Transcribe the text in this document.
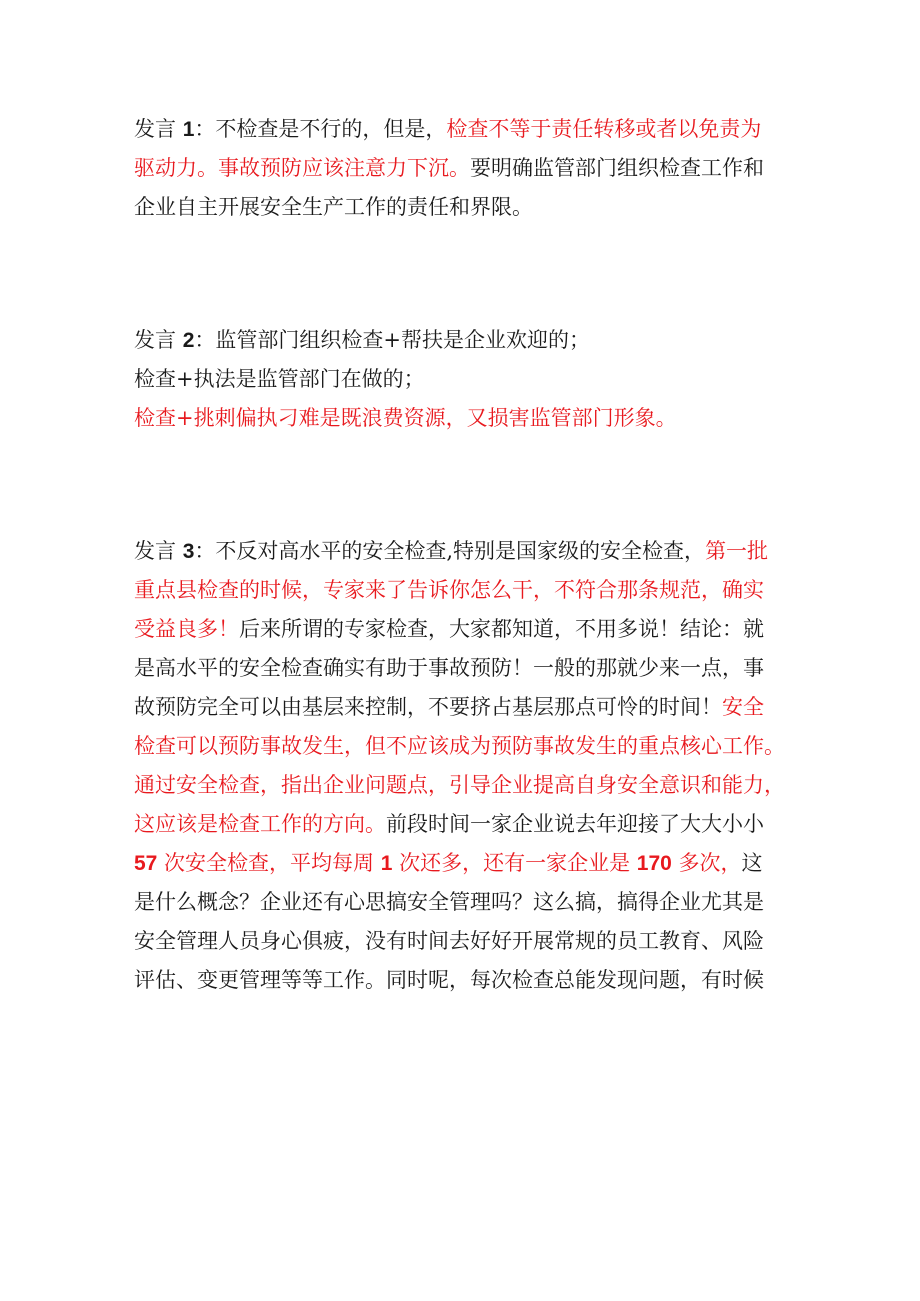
发言 1：不检查是不行的，但是，检查不等于责任转移或者以免责为
驱动力。事故预防应该注意力下沉。要明确监管部门组织检查工作和
企业自主开展安全生产工作的责任和界限。
发言 2：监管部门组织检查+帮扶是企业欢迎的；
检查+执法是监管部门在做的；
检查+挑刺偏执刁难是既浪费资源，又损害监管部门形象。
发言 3：不反对高水平的安全检查,特别是国家级的安全检查，第一批
重点县检查的时候，专家来了告诉你怎么干，不符合那条规范，确实
受益良多！后来所谓的专家检查，大家都知道，不用多说！结论：就
是高水平的安全检查确实有助于事故预防！一般的那就少来一点，事
故预防完全可以由基层来控制，不要挤占基层那点可怜的时间！安全
检查可以预防事故发生，但不应该成为预防事故发生的重点核心工作。
通过安全检查，指出企业问题点，引导企业提高自身安全意识和能力，
这应该是检查工作的方向。前段时间一家企业说去年迎接了大大小小
57 次安全检查，平均每周 1 次还多，还有一家企业是 170 多次，这
是什么概念？企业还有心思搞安全管理吗？这么搞，搞得企业尤其是
安全管理人员身心俱疲，没有时间去好好开展常规的员工教育、风险
评估、变更管理等等工作。同时呢，每次检查总能发现问题，有时候
